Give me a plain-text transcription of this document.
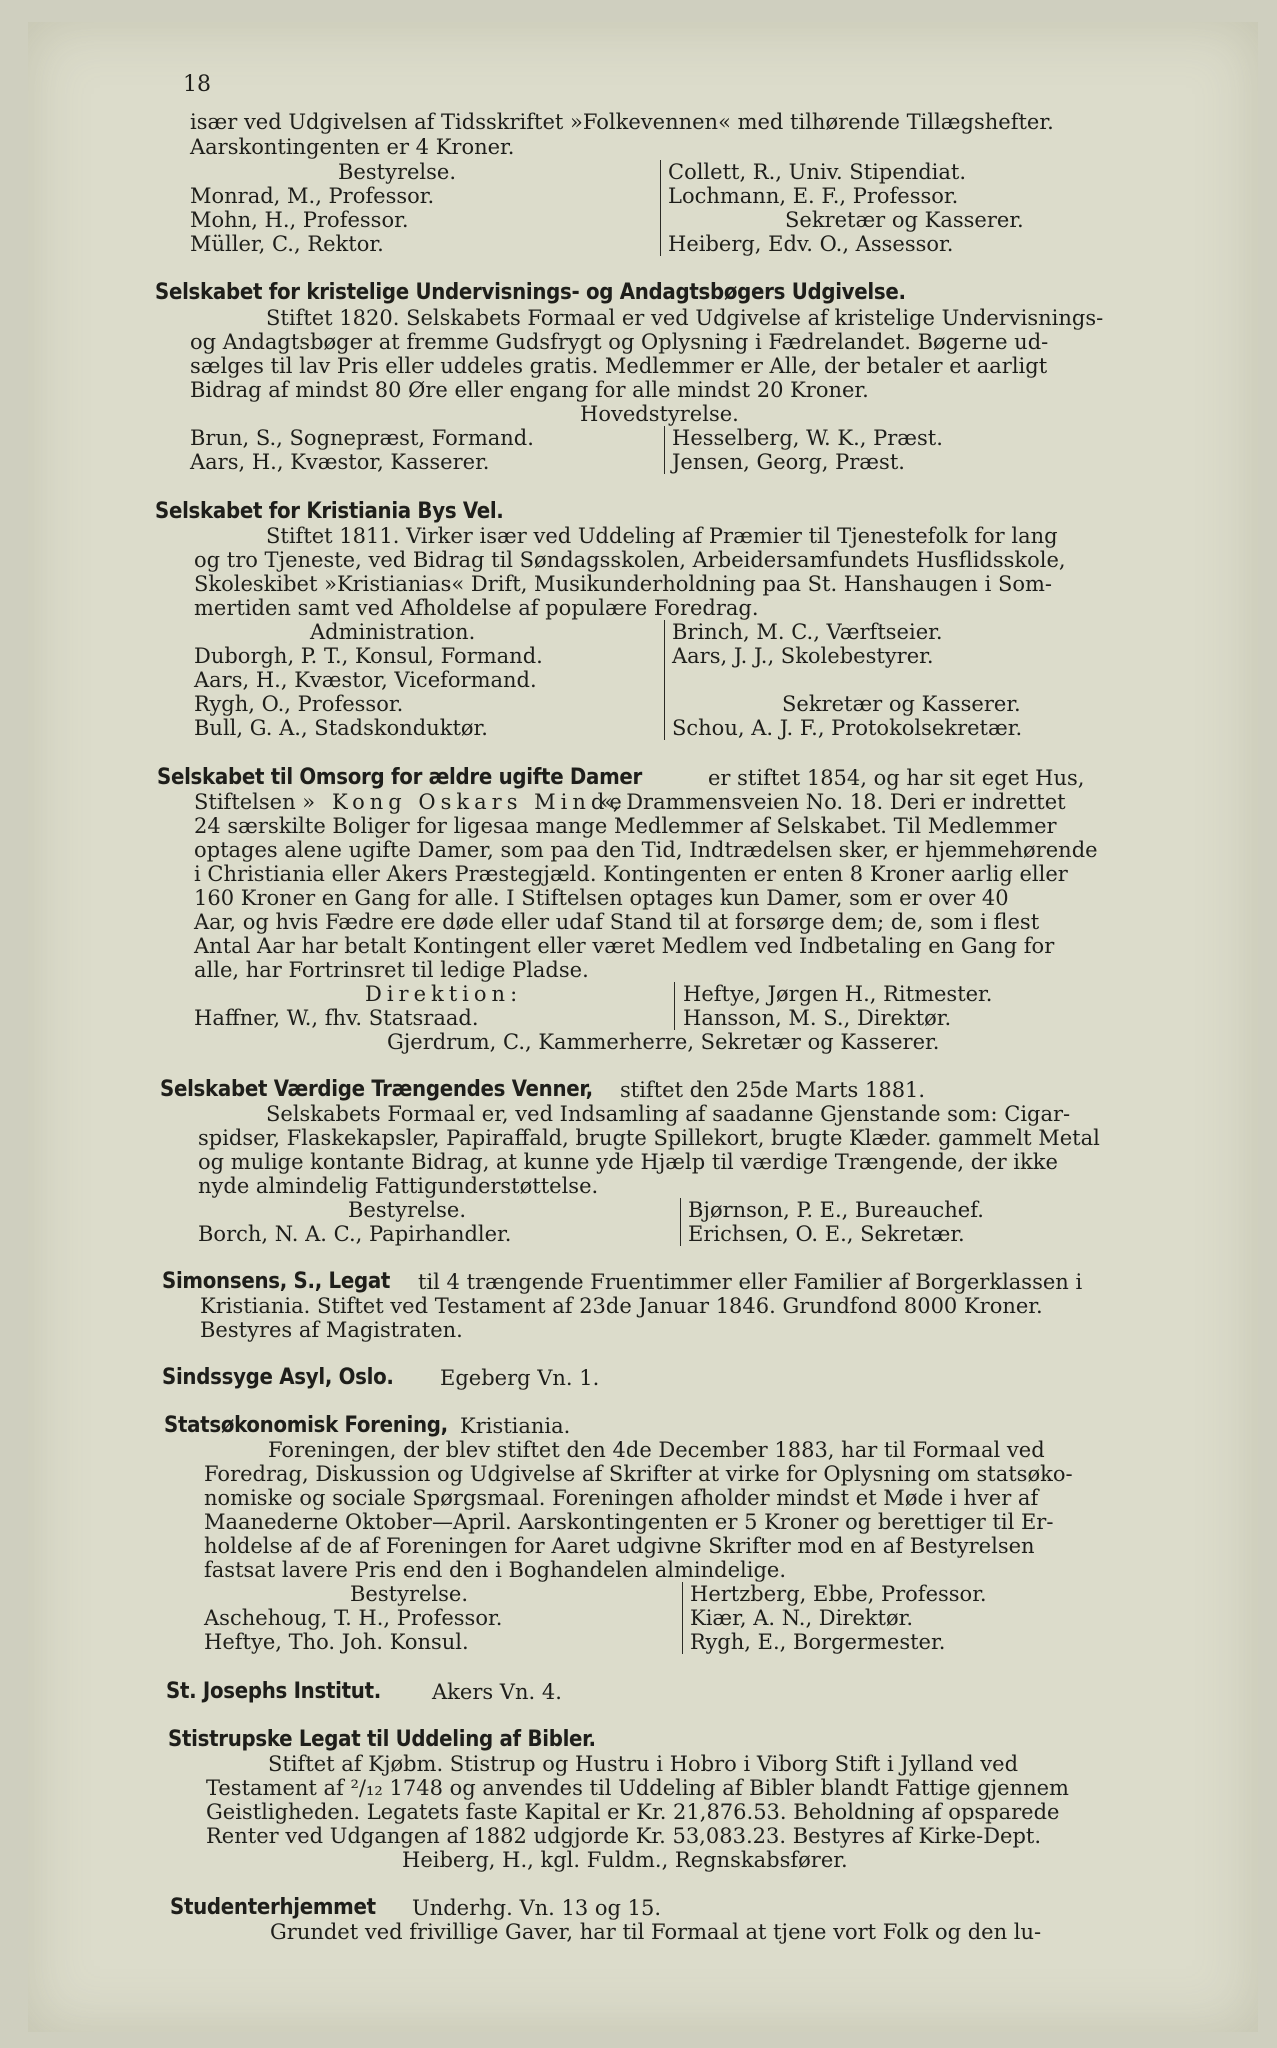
18
især ved Udgivelsen af Tidsskriftet »Folkevennen« med tilhørende Tillægshefter.
Aarskontingenten er 4 Kroner.
Bestyrelse.
Monrad, M., Professor.
Mohn, H., Professor.
Müller, C., Rektor.
Collett, R., Univ. Stipendiat.
Lochmann, E. F., Professor.
Sekretær og Kasserer.
Heiberg, Edv. O., Assessor.
Selskabet for kristelige Undervisnings- og Andagtsbøgers Udgivelse.
Stiftet 1820. Selskabets Formaal er ved Udgivelse af kristelige Undervisnings-
og Andagtsbøger at fremme Gudsfrygt og Oplysning i Fædrelandet. Bøgerne ud-
sælges til lav Pris eller uddeles gratis. Medlemmer er Alle, der betaler et aarligt
Bidrag af mindst 80 Øre eller engang for alle mindst 20 Kroner.
Hovedstyrelse.
Brun, S., Sognepræst, Formand.
Aars, H., Kvæstor, Kasserer.
Hesselberg, W. K., Præst.
Jensen, Georg, Præst.
Selskabet for Kristiania Bys Vel.
Stiftet 1811. Virker især ved Uddeling af Præmier til Tjenestefolk for lang
og tro Tjeneste, ved Bidrag til Søndagsskolen, Arbeidersamfundets Husflidsskole,
Skoleskibet »Kristianias« Drift, Musikunderholdning paa St. Hanshaugen i Som-
mertiden samt ved Afholdelse af populære Foredrag.
Administration.
Duborgh, P. T., Konsul, Formand.
Aars, H., Kvæstor, Viceformand.
Rygh, O., Professor.
Bull, G. A., Stadskonduktør.
Brinch, M. C., Værftseier.
Aars, J. J., Skolebestyrer.
Sekretær og Kasserer.
Schou, A. J. F., Protokolsekretær.
Selskabet til Omsorg for ældre ugifte Damer	er stiftet 1854, og har sit eget Hus,
Stiftelsen » Kong Oskars Minde
«, Drammensveien No. 18. Deri er indrettet
24 særskilte Boliger for ligesaa mange Medlemmer af Selskabet. Til Medlemmer
optages alene ugifte Damer, som paa den Tid, Indtrædelsen sker, er hjemmehørende
i Christiania eller Akers Præstegjæld. Kontingenten er enten 8 Kroner aarlig eller
160 Kroner en Gang for alle. I Stiftelsen optages kun Damer, som er over 40
Aar, og hvis Fædre ere døde eller udaf Stand til at forsørge dem; de, som i flest
Antal Aar har betalt Kontingent eller været Medlem ved Indbetaling en Gang for
alle, har Fortrinsret til ledige Pladse.
Direktion:
Haffner, W., fhv. Statsraad.
Heftye, Jørgen H., Ritmester.
Hansson, M. S., Direktør.
Gjerdrum, C., Kammerherre, Sekretær og Kasserer.
Selskabet Værdige Trængendes Venner, stiftet den 25de Marts 1881.
Selskabets Formaal er, ved Indsamling af saadanne Gjenstande som: Cigar-
spidser, Flaskekapsler, Papiraffald, brugte Spillekort, brugte Klæder. gammelt Metal
og mulige kontante Bidrag, at kunne yde Hjælp til værdige Trængende, der ikke
nyde almindelig Fattigunderstøttelse.
Bestyrelse.
Borch, N. A. C., Papirhandler.
Bjørnson, P. E., Bureauchef.
Erichsen, O. E., Sekretær.
Simonsens, S., Legat til 4 trængende Fruentimmer eller Familier af Borgerklassen i
Kristiania. Stiftet ved Testament af 23de Januar 1846. Grundfond 8000 Kroner.
Bestyres af Magistraten.
Sindssyge Asyl, Oslo. Egeberg Vn. 1.
Statsøkonomisk Forening, Kristiania.
Foreningen, der blev stiftet den 4de December 1883, har til Formaal ved
Foredrag, Diskussion og Udgivelse af Skrifter at virke for Oplysning om statsøko-
nomiske og sociale Spørgsmaal. Foreningen afholder mindst et Møde i hver af
Maanederne Oktober—April. Aarskontingenten er 5 Kroner og berettiger til Er-
holdelse af de af Foreningen for Aaret udgivne Skrifter mod en af Bestyrelsen
fastsat lavere Pris end den i Boghandelen almindelige.
Bestyrelse.
Aschehoug, T. H., Professor.
Heftye, Tho. Joh. Konsul.
Hertzberg, Ebbe, Professor.
Kiær, A. N., Direktør.
Rygh, E., Borgermester.
St. Josephs Institut. Akers Vn. 4.
Stistrupske Legat til Uddeling af Bibler.
Stiftet af Kjøbm. Stistrup og Hustru i Hobro i Viborg Stift i Jylland ved
Testament af ²/₁₂ 1748 og anvendes til Uddeling af Bibler blandt Fattige gjennem
Geistligheden. Legatets faste Kapital er Kr. 21,876.53. Beholdning af opsparede
Renter ved Udgangen af 1882 udgjorde Kr. 53,083.23. Bestyres af Kirke-Dept.
Heiberg, H., kgl. Fuldm., Regnskabsfører.
Studenterhjemmet Underhg. Vn. 13 og 15.
Grundet ved frivillige Gaver, har til Formaal at tjene vort Folk og den lu-
